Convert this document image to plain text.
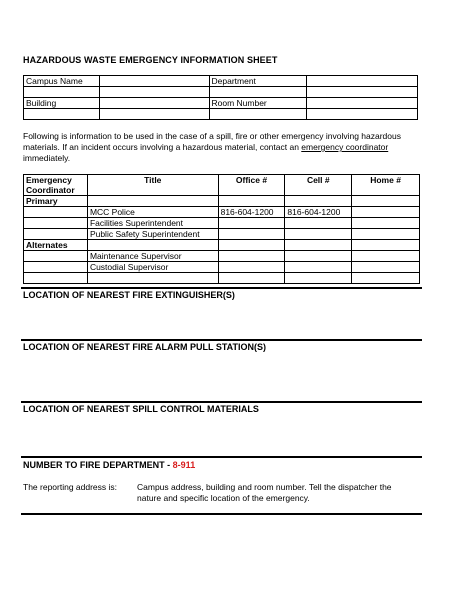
HAZARDOUS WASTE EMERGENCY INFORMATION SHEET
Campus Name		Department	

Building		Room Number	

Following is information to be used in the case of a spill, fire or other emergency involving hazardous materials. If an incident occurs involving a hazardous material, contact an emergency coordinator immediately.
Emergency Coordinator	Title	Office #	Cell #	Home #
Primary				
	MCC Police	816-604-1200	816-604-1200	
	Facilities Superintendent			
	Public Safety Superintendent			
Alternates				
	Maintenance Supervisor			
	Custodial Supervisor			

LOCATION OF NEAREST FIRE EXTINGUISHER(S)
LOCATION OF NEAREST FIRE ALARM PULL STATION(S)
LOCATION OF NEAREST SPILL CONTROL MATERIALS
NUMBER TO FIRE DEPARTMENT - 8-911
The reporting address is: Campus address, building and room number. Tell the dispatcher the nature and specific location of the emergency.
